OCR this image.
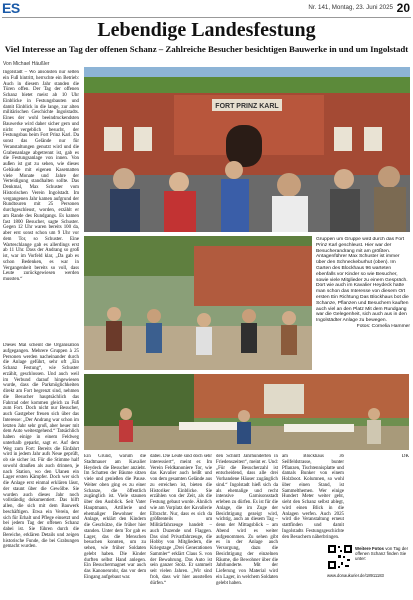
ES	Nr. 141, Montag, 23. Juni 2025 20
Lebendige Landesfestung
Viel Interesse an Tag der offenen Schanz – Zahlreiche Besucher besichtigen Bauwerke in und um Ingolstadt
Von Michael Häußler

Ingolstadt – Wo ansonsten nur selten ein Fuß hintritt, herrschte ein Betrieb: Auch in diesem Jahr standen die Türen offen. Der Tag der offenen Schanz bietet meist ab 10 Uhr Einblicke in Festungsbauten und damit Einblick in die lange, zur alten militärischen Geschichte Ingolstadts. Eines der wohl beeindruckendsten Bauwerke wird daher sicher gern und nicht vergeblich besucht, der Festungsbau beim Fort Prinz Karl. Da sonst das Gelände nur für Veranstaltungen genutzt wird und die Grabenanlage abgetrennt ist, gab es die Festungsanlage von innen. Von außen ist gut zu sehen, wie dieses Gebäude mit eigenen Kasematten viele Monate und Jahre der Verteidigung standhalten sollte. Das Denkmal, Max Schuster vom Historischen Verein Ingolstadt. Im vergangenen Jahr kamen aufgrund der Rundtouren mit 25 Personen durchgeschleust, worden, erzählt er am Rande des Rundgangs. Es kamen fast 1800 Besucher, sagte Schuster. Gegen 12 Uhr waren bereits 100 da, aber erst sonst schon um 9 Uhr vor dem Tor, so Schuster. Eine Warteschlange gab es allerdings erst ab 11 Uhr. Dass der Andrang so groß ist, war im Vorfeld klar, „Da gab es schon Bedenken, es war in Vergangenheit bereits so voll, dass Leute zurückgewiesen werden mussten.“

Dieses Mal scheint die Organisation aufgegangen. Mehrere Gruppen à 25 Personen werden nacheinander durch die Anlage geführt, sehr oft „Ein Schanz Festung“, wie Schuster erzählt, geschlossen. Und auch weil im Verbund darauf hingewiesen wurde, dass die Parkmöglichkeiten direkt am Fort begrenzt sind, nehmen die Besucher hauptsächlich das Fahrrad oder kommen gleich zu Fuß zum Fort. Doch nicht nur Besucher, auch Gastgeber freuen sich über das Interesse: „Der Andrang war schon im letzten Jahr sehr groß, aber heuer mit dem Auto weitestgehend.“ Tatsächlich haben einige in einem Feldweg unterhalb geparkt, sagt er. Auf dem Weg zum Fort: Bereits die Einfahrt wird in jedem Jahr aufs Neue geprüft, ob sie sicher ist. Für die Stimme half sowohl draußen als auch drinnen, je nach Station, wo den Ulanen ein Lager ersten Kämpfer. Doch wer sich die Anlage erst einmal erklären lässt, der staunt über die Gewölbe. Sie wurden auch dieses Jahr noch vollständig dokumentiert. Das hilft allen, die sich mit dem Bauwerk beschäftigen. Etwa ein Verein, der sich für Erhalt und Pflege einsetzt und bei jedem Tag der offenen Schanz dabei ist. Sie führen durch die Bereiche, erklären Details und zeigen historische Funde, die bei Grabungen gemacht wurden.

FORT PRINZ KARL
Gruppen um Gruppe wird durch das Fort Prinz Karl geschleust. Hier war der Besucherandrang mit am größten. Antagenführer Max Schuster ist immer über den Schneckeburhut (oben). Im Garten des Blockhaus 96 warteten ebenfalls vor Kinder so wie Besucher, sowie viele Mitglieder zu einem Gespräch. Dort wie auch im Kavalier Heydeck hatte man schon das Interesse von diesem Ort ersten Ein Richtung Das Blockhaus bot die Schanze, Pflanzen und Besuchern kauften auch viel an den Platz Mit dem Rundgang war die Gelegenheit, sich auch aus in den Ingolstädter Anlage zu bewegen.
Fotos: Cornelia Hammer

Ein Grund, warum die Stadtmauer am Kavalier Heydeck die Besucher anzieht. Im Schatten der Bäume sitzen viele und genießen die Pause. Weiter oben ging es zu einer Schanze, die öffentlich zugänglich ist. Viele staunen über den Ausblick. Seit Vater Hauptmann, Artillerie und ehemaliger Bewohner der Anlage, erklärt den Kindern die Geschütze, die früher hier standen. Unter dem Tor gab es Lager, das die Menschen besuchen konnten, um zu sehen, wie früher Soldaten gelebt haben. Die Kinder durften selbst Hand anlegen. Ein Besuchermagnet war auch das Kanonenrohr, das vor dem Eingang aufgebaut war.

dabei. Die Leute sind doch sehr interessiert“, meint er. Im Verein Feldkanoniere Tor, wie das Kavalier auch heißt und von dem gesamten Gelände aus zu erreichen ist, bieten die Historiker Einblicke. Sie erzählen von der Zeit, als die Festung gebaut wurde. Ähnlich wie am Vorplatz der Kavallerie Elbracht. Nur, dass es sich da größtenteils um Militärfahrzeuge handelt – auch Duzende und Flaggen. Das sind Privatfahrzeuge, die Hobby von Mitgliedern, die Kriegstage „Drei Generationen Sammler“ erklärt Claus S. von der Bewahrung. Das Auto ist sein ganzer Stolz. Er sammelt seit vielen Jahren. „Wir sind froh, dass wir hier ausstellen dürfen.“

den Schnitt Jahrhunderten in Friedenszeiten“, meint er. Und: „Für die Besucherzahl ist entscheidend, dass alle drei Vorhandene Häuser zugänglich sind.“ Ingolstadt hieß sich da als ehemalige und recht intensive Garnisonsstadt erleben zu dürfen. Es ist für die Anlage, die im Zuge der Besichtigung gezeigt wird, wichtig, auch an diesem Tag – denn der Mittagsblick – am Abend wird es weiter aufgenommen. Zu sehen gibt es in der Anlage auch Versorgung, dazu die Besichtigung der einzelnen Räume, die Bewohner über die Jahrhunderte. Mit der Lieferung von Material wird ein Lager, in welchem Soldaten gelebt haben.

am Blockhaus 36 Seilfeldstrasse, bunter Pflanzen, Tischtennisplatte und damals Bunker von einem Holzboot. Kolumnen, so wohl über einen Stand, ist Sammelthemen. Wer einige Hundert Meter weiter geht, sieht den Schanz selbst ablegt, wird einen Blick in die Anlagen werfen. Auch 2025 wird die Veranstaltung erneut stattfinden und damit Ingolstadts Festungsgeschichte den Besuchern näherbringen.

DK

Weitere Fotos von Tag der offenen Schanz finden Sie unter:
www.donaukurier.de/18911183
